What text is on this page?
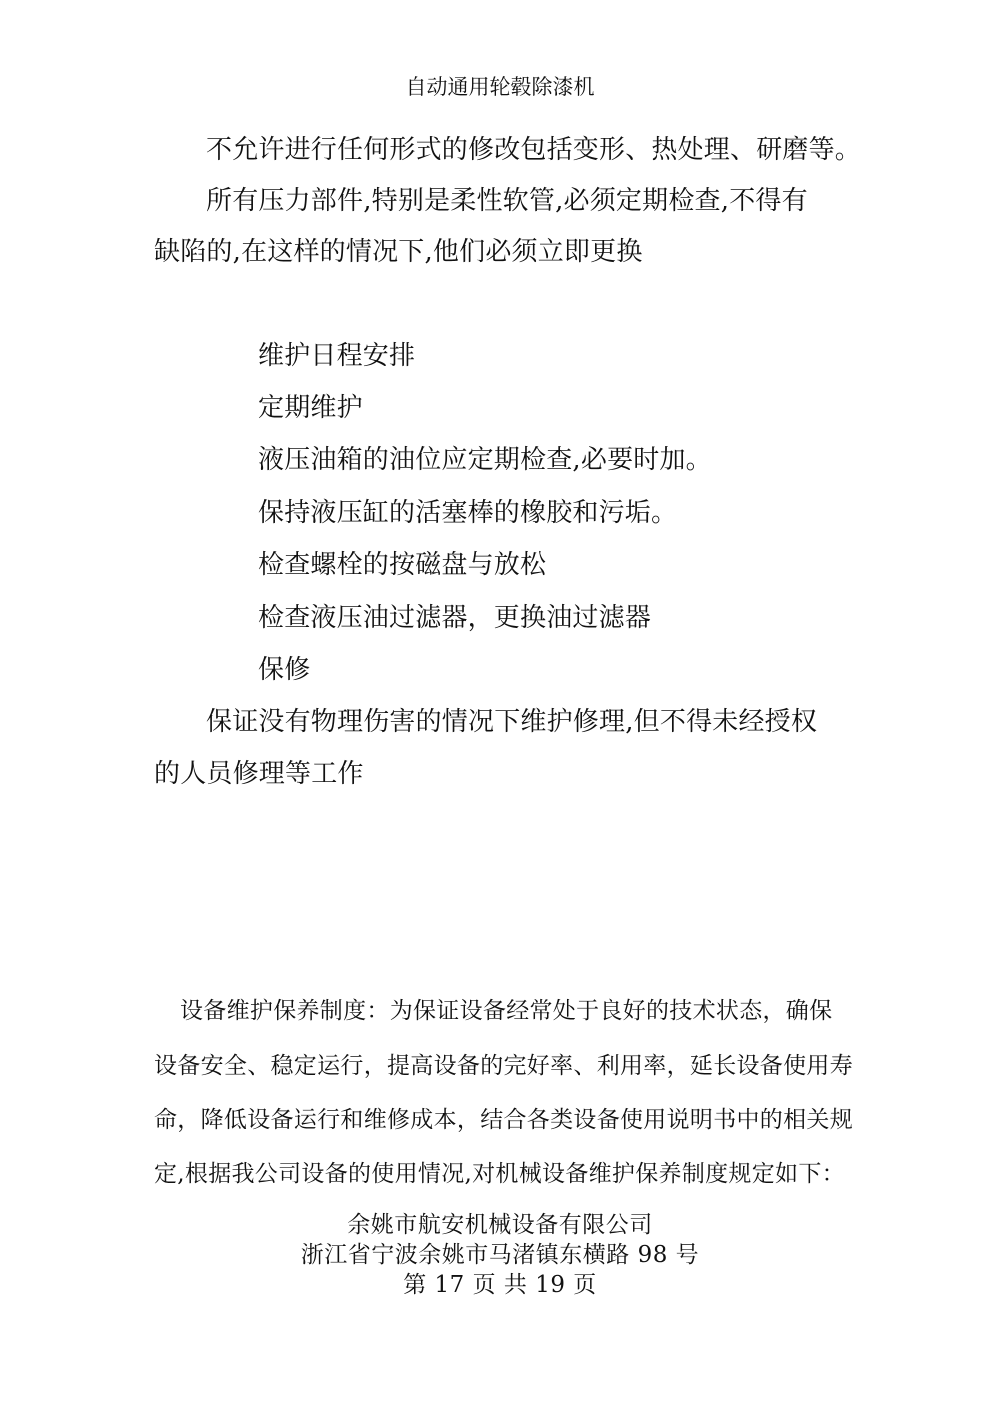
自动通用轮毂除漆机
不允许进行任何形式的修改包括变形、热处理、研磨等。
所有压力部件,特别是柔性软管,必须定期检查,不得有
缺陷的,在这样的情况下,他们必须立即更换
维护日程安排
定期维护
液压油箱的油位应定期检查,必要时加。
保持液压缸的活塞棒的橡胶和污垢。
检查螺栓的按磁盘与放松
检查液压油过滤器，更换油过滤器
保修
保证没有物理伤害的情况下维护修理,但不得未经授权
的人员修理等工作
设备维护保养制度：为保证设备经常处于良好的技术状态，确保
设备安全、稳定运行，提高设备的完好率、利用率，延长设备使用寿
命，降低设备运行和维修成本，结合各类设备使用说明书中的相关规
定,根据我公司设备的使用情况,对机械设备维护保养制度规定如下：
余姚市航安机械设备有限公司
浙江省宁波余姚市马渚镇东横路 98 号
第 17 页 共 19 页
